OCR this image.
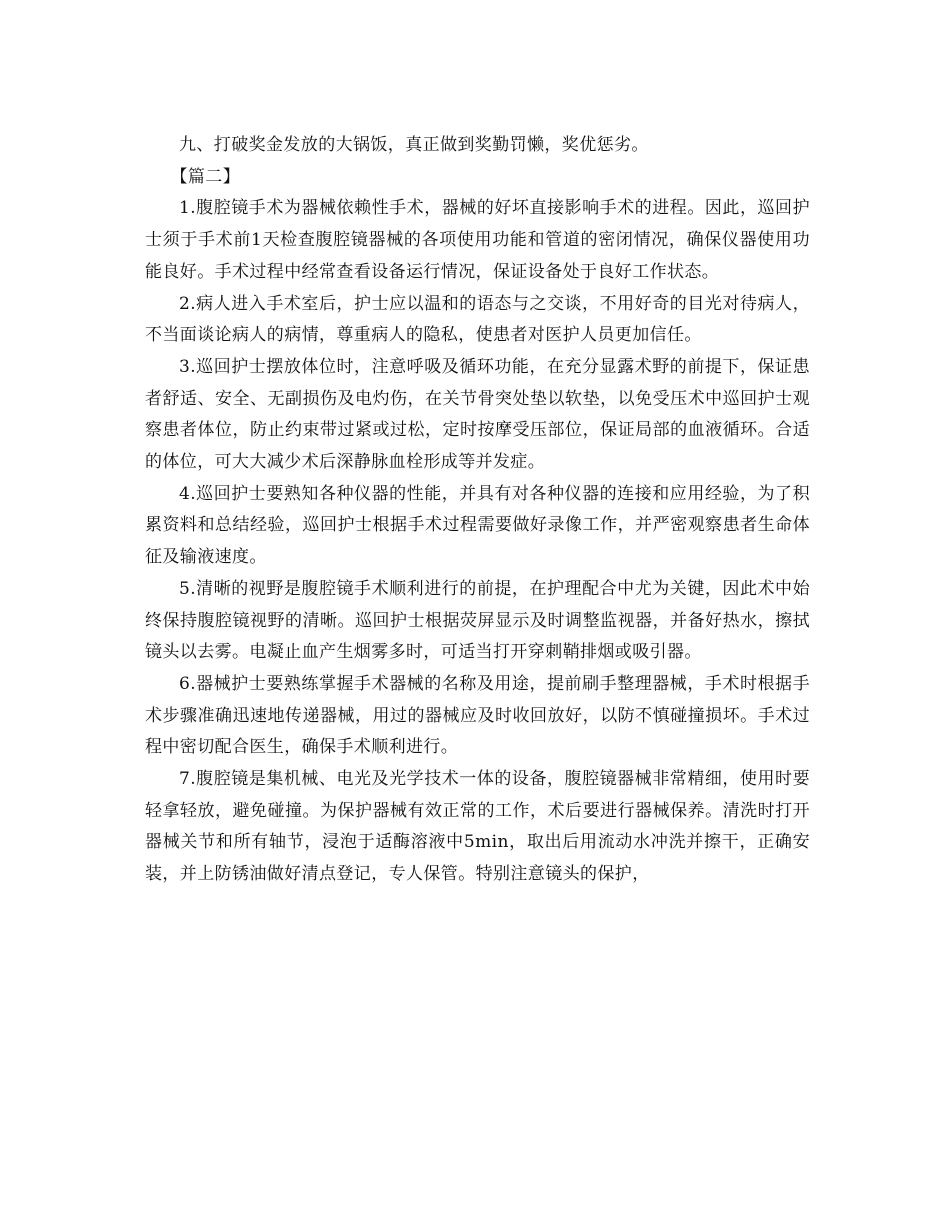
九、打破奖金发放的大锅饭，真正做到奖勤罚懒，奖优惩劣。

【篇二】

1.腹腔镜手术为器械依赖性手术，器械的好坏直接影响手术的进程。因此，巡回护士须于手术前1天检查腹腔镜器械的各项使用功能和管道的密闭情况，确保仪器使用功能良好。手术过程中经常查看设备运行情况，保证设备处于良好工作状态。

2.病人进入手术室后，护士应以温和的语态与之交谈，不用好奇的目光对待病人，不当面谈论病人的病情，尊重病人的隐私，使患者对医护人员更加信任。

3.巡回护士摆放体位时，注意呼吸及循环功能，在充分显露术野的前提下，保证患者舒适、安全、无副损伤及电灼伤，在关节骨突处垫以软垫，以免受压术中巡回护士观察患者体位，防止约束带过紧或过松，定时按摩受压部位，保证局部的血液循环。合适的体位，可大大减少术后深静脉血栓形成等并发症。

4.巡回护士要熟知各种仪器的性能，并具有对各种仪器的连接和应用经验，为了积累资料和总结经验，巡回护士根据手术过程需要做好录像工作，并严密观察患者生命体征及输液速度。

5.清晰的视野是腹腔镜手术顺利进行的前提，在护理配合中尤为关键，因此术中始终保持腹腔镜视野的清晰。巡回护士根据荧屏显示及时调整监视器，并备好热水，擦拭镜头以去雾。电凝止血产生烟雾多时，可适当打开穿刺鞘排烟或吸引器。

6.器械护士要熟练掌握手术器械的名称及用途，提前刷手整理器械，手术时根据手术步骤准确迅速地传递器械，用过的器械应及时收回放好，以防不慎碰撞损坏。手术过程中密切配合医生，确保手术顺利进行。

7.腹腔镜是集机械、电光及光学技术一体的设备，腹腔镜器械非常精细，使用时要轻拿轻放，避免碰撞。为保护器械有效正常的工作，术后要进行器械保养。清洗时打开器械关节和所有轴节，浸泡于适酶溶液中5min，取出后用流动水冲洗并擦干，正确安装，并上防锈油做好清点登记，专人保管。特别注意镜头的保护，
